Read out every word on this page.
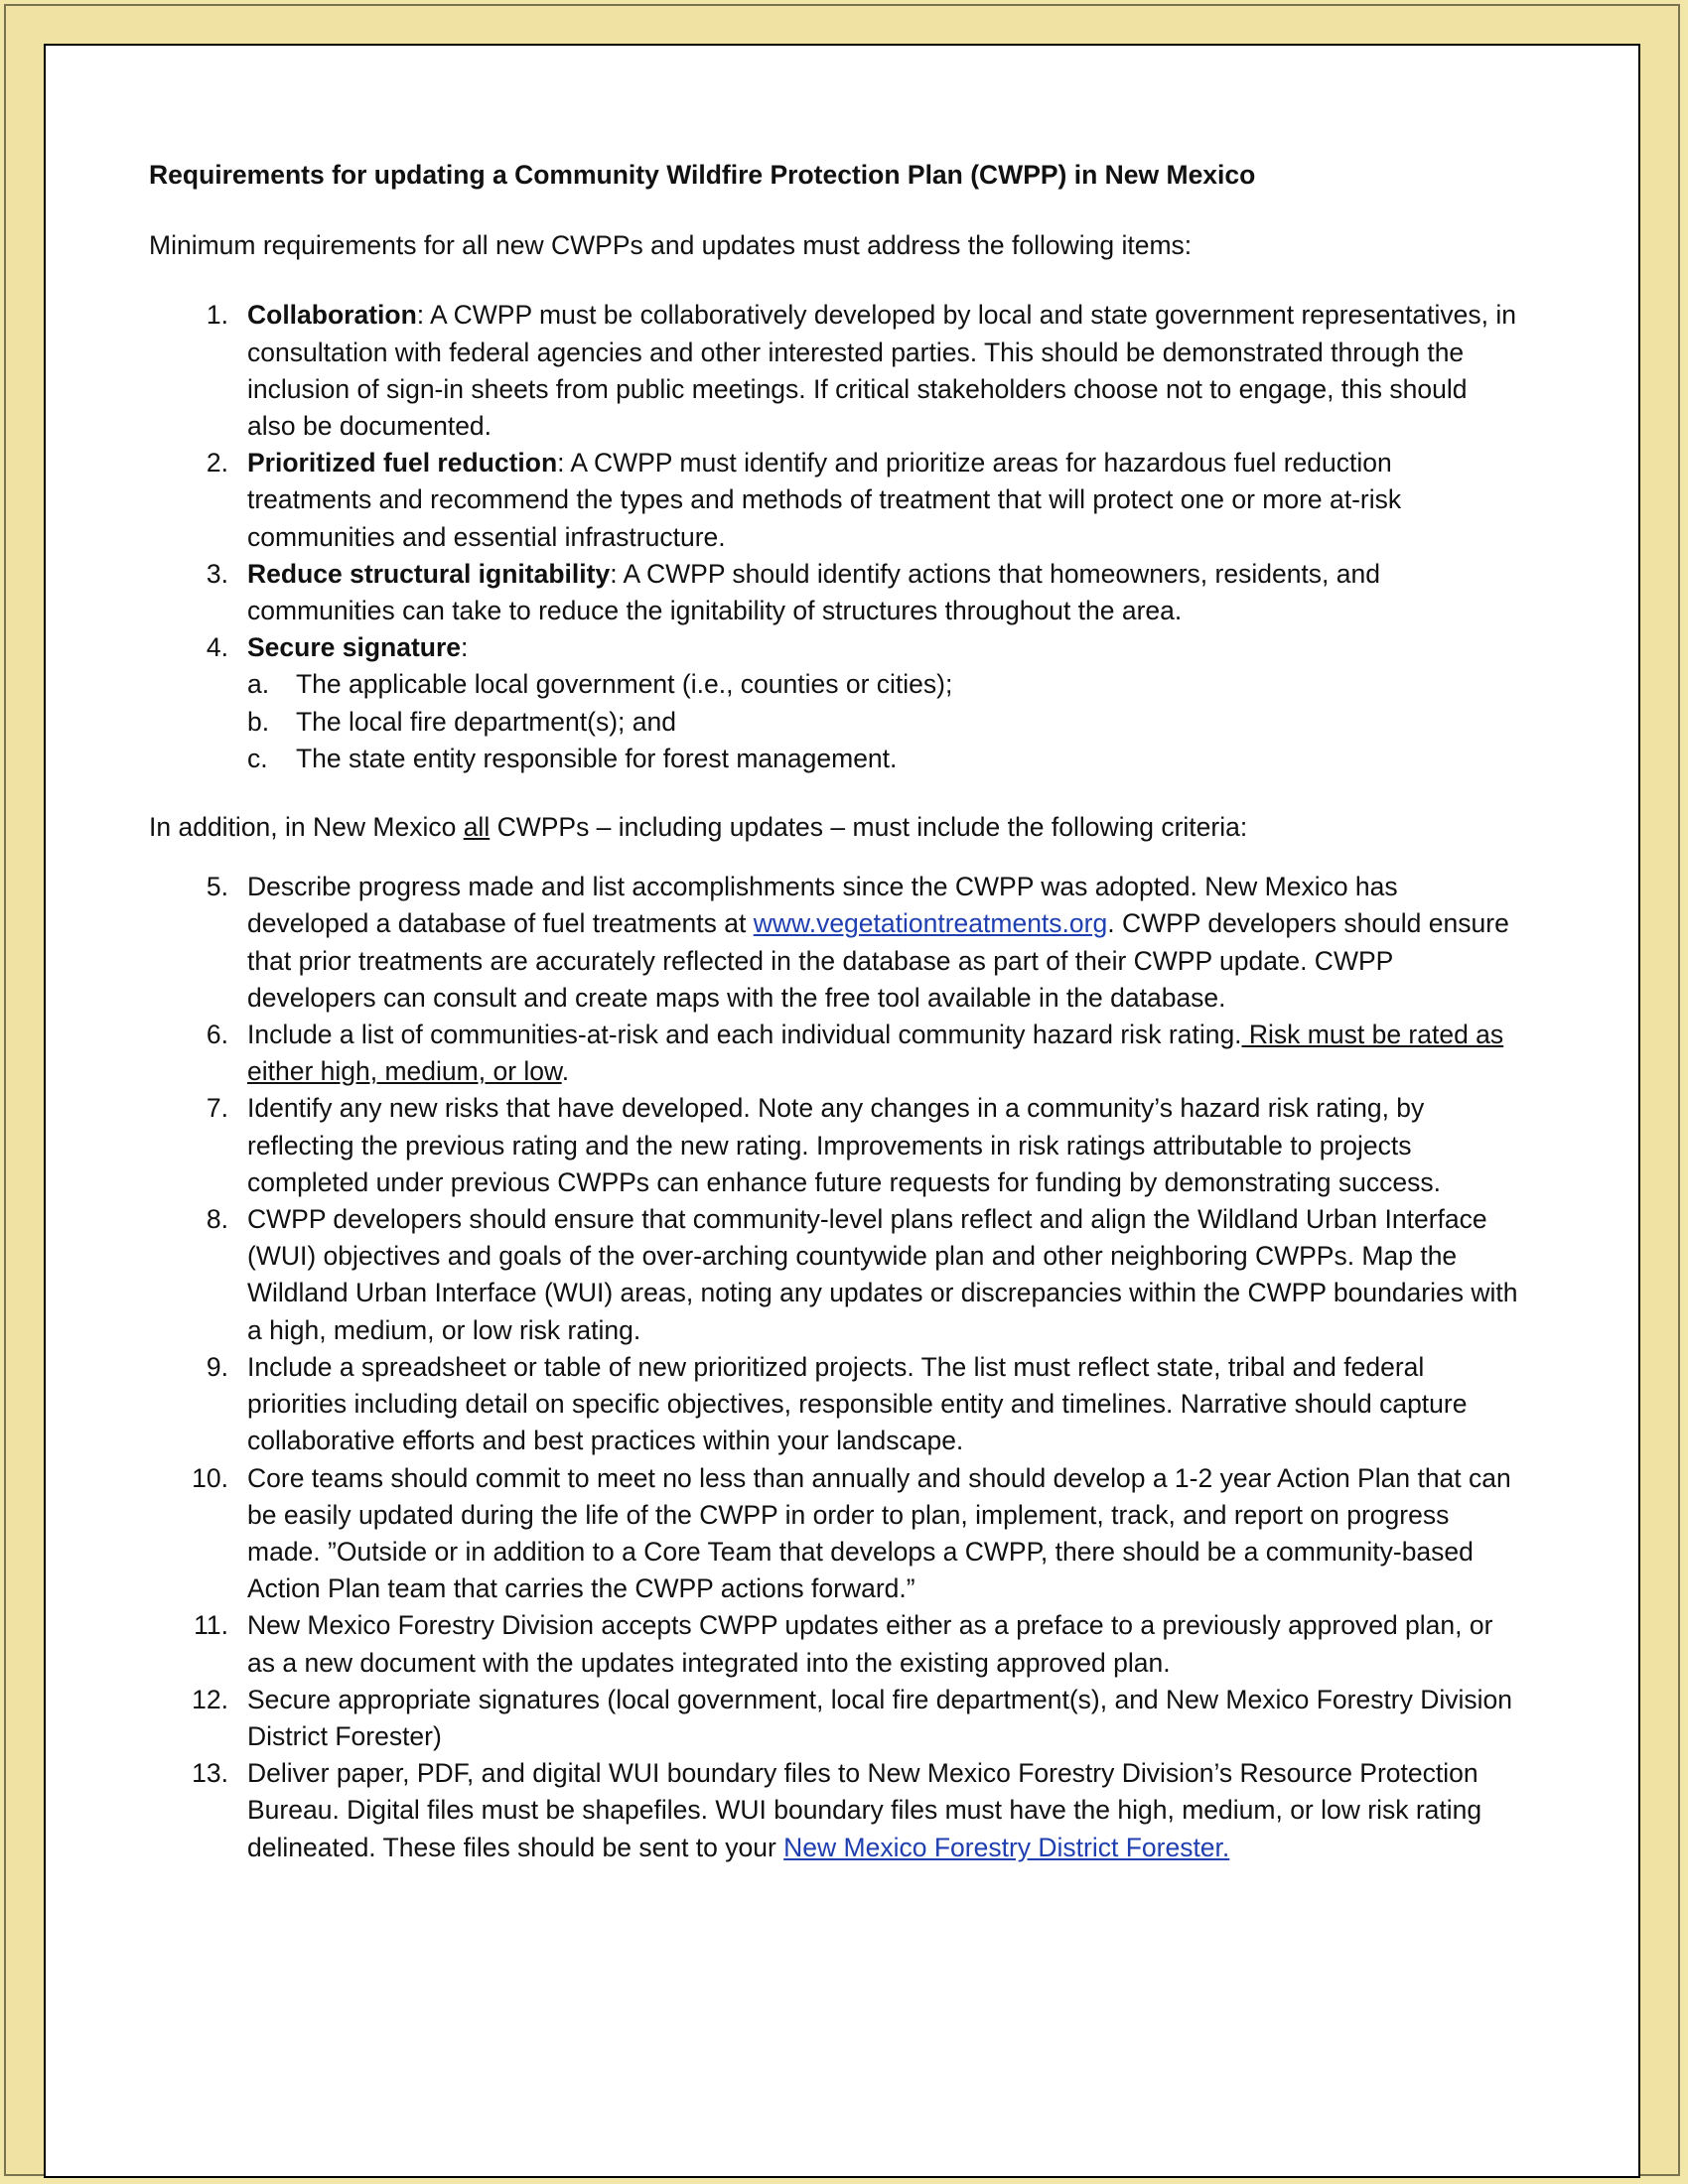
Requirements for updating a Community Wildfire Protection Plan (CWPP) in New Mexico
Minimum requirements for all new CWPPs and updates must address the following items:
1. Collaboration: A CWPP must be collaboratively developed by local and state government representatives, in consultation with federal agencies and other interested parties. This should be demonstrated through the inclusion of sign-in sheets from public meetings. If critical stakeholders choose not to engage, this should also be documented.
2. Prioritized fuel reduction: A CWPP must identify and prioritize areas for hazardous fuel reduction treatments and recommend the types and methods of treatment that will protect one or more at-risk communities and essential infrastructure.
3. Reduce structural ignitability: A CWPP should identify actions that homeowners, residents, and communities can take to reduce the ignitability of structures throughout the area.
4. Secure signature:
a. The applicable local government (i.e., counties or cities);
b. The local fire department(s); and
c. The state entity responsible for forest management.
In addition, in New Mexico all CWPPs – including updates – must include the following criteria:
5. Describe progress made and list accomplishments since the CWPP was adopted. New Mexico has developed a database of fuel treatments at www.vegetationtreatments.org. CWPP developers should ensure that prior treatments are accurately reflected in the database as part of their CWPP update. CWPP developers can consult and create maps with the free tool available in the database.
6. Include a list of communities-at-risk and each individual community hazard risk rating. Risk must be rated as either high, medium, or low.
7. Identify any new risks that have developed. Note any changes in a community’s hazard risk rating, by reflecting the previous rating and the new rating. Improvements in risk ratings attributable to projects completed under previous CWPPs can enhance future requests for funding by demonstrating success.
8. CWPP developers should ensure that community-level plans reflect and align the Wildland Urban Interface (WUI) objectives and goals of the over-arching countywide plan and other neighboring CWPPs. Map the Wildland Urban Interface (WUI) areas, noting any updates or discrepancies within the CWPP boundaries with a high, medium, or low risk rating.
9. Include a spreadsheet or table of new prioritized projects. The list must reflect state, tribal and federal priorities including detail on specific objectives, responsible entity and timelines. Narrative should capture collaborative efforts and best practices within your landscape.
10. Core teams should commit to meet no less than annually and should develop a 1-2 year Action Plan that can be easily updated during the life of the CWPP in order to plan, implement, track, and report on progress made. ”Outside or in addition to a Core Team that develops a CWPP, there should be a community-based Action Plan team that carries the CWPP actions forward.”
11. New Mexico Forestry Division accepts CWPP updates either as a preface to a previously approved plan, or as a new document with the updates integrated into the existing approved plan.
12. Secure appropriate signatures (local government, local fire department(s), and New Mexico Forestry Division District Forester)
13. Deliver paper, PDF, and digital WUI boundary files to New Mexico Forestry Division’s Resource Protection Bureau. Digital files must be shapefiles. WUI boundary files must have the high, medium, or low risk rating delineated. These files should be sent to your New Mexico Forestry District Forester.
